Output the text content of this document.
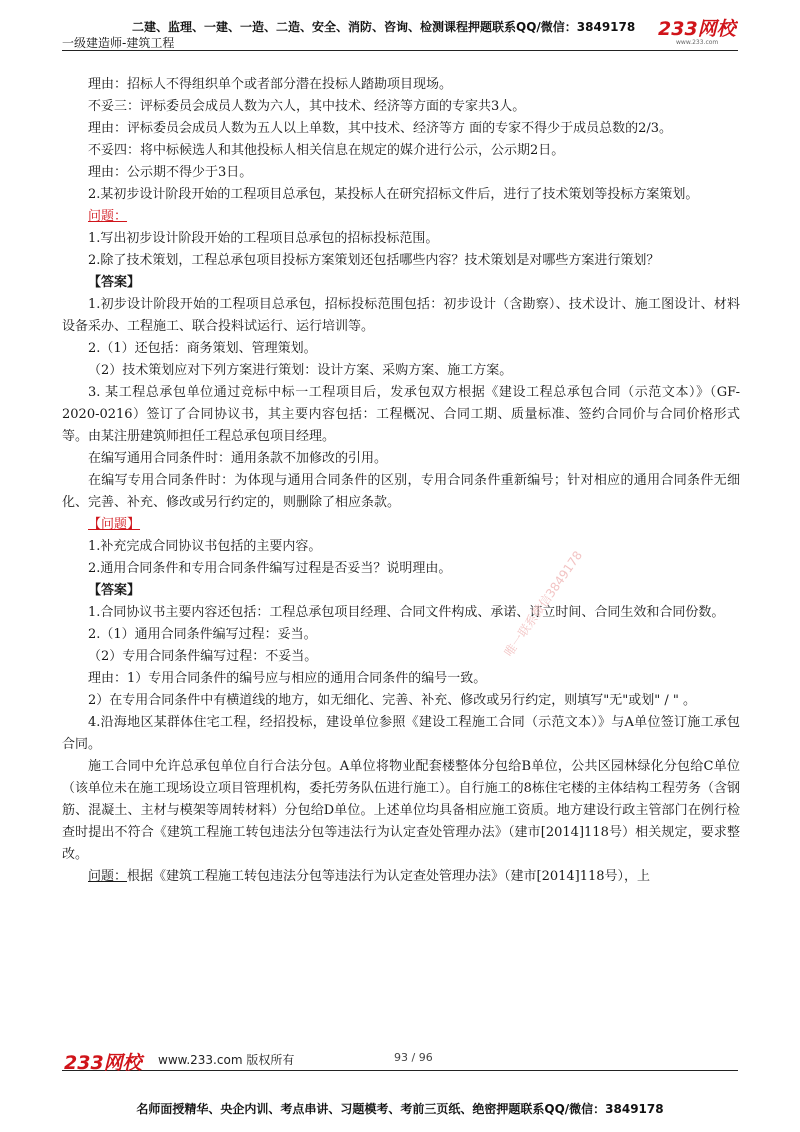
二建、监理、一建、一造、二造、安全、消防、咨询、检测课程押题联系QQ/微信：3849178
一级建造师-建筑工程
233网校
www.233.com

理由：招标人不得组织单个或者部分潜在投标人踏勘项目现场。

不妥三：评标委员会成员人数为六人，其中技术、经济等方面的专家共3人。

理由：评标委员会成员人数为五人以上单数，其中技术、经济等方 面的专家不得少于成员总数的2/3。

不妥四：将中标候选人和其他投标人相关信息在规定的媒介进行公示，公示期2日。

理由：公示期不得少于3日。

2.某初步设计阶段开始的工程项目总承包，某投标人在研究招标文件后，进行了技术策划等投标方案策划。

问题：

1.写出初步设计阶段开始的工程项目总承包的招标投标范围。

2.除了技术策划，工程总承包项目投标方案策划还包括哪些内容？技术策划是对哪些方案进行策划？

【答案】

1.初步设计阶段开始的工程项目总承包，招标投标范围包括：初步设计（含勘察）、技术设计、施工图设计、材料设备采办、工程施工、联合投料试运行、运行培训等。

2.（1）还包括：商务策划、管理策划。

（2）技术策划应对下列方案进行策划：设计方案、采购方案、施工方案。

3. 某工程总承包单位通过竞标中标一工程项目后，发承包双方根据《建设工程总承包合同（示范文本）》（GF-2020-0216）签订了合同协议书，其主要内容包括：工程概况、合同工期、质量标准、签约合同价与合同价格形式等。由某注册建筑师担任工程总承包项目经理。

在编写通用合同条件时：通用条款不加修改的引用。

在编写专用合同条件时：为体现与通用合同条件的区别，专用合同条件重新编号；针对相应的通用合同条件无细化、完善、补充、修改或另行约定的，则删除了相应条款。

【问题】

1.补充完成合同协议书包括的主要内容。

2.通用合同条件和专用合同条件编写过程是否妥当？说明理由。

【答案】

1.合同协议书主要内容还包括：工程总承包项目经理、合同文件构成、承诺、订立时间、合同生效和合同份数。

2.（1）通用合同条件编写过程：妥当。

（2）专用合同条件编写过程：不妥当。

理由：1）专用合同条件的编号应与相应的通用合同条件的编号一致。

2）在专用合同条件中有横道线的地方，如无细化、完善、补充、修改或另行约定，则填写"无"或划" / " 。

4.沿海地区某群体住宅工程，经招投标，建设单位参照《建设工程施工合同（示范文本）》与A单位签订施工承包合同。

施工合同中允许总承包单位自行合法分包。A单位将物业配套楼整体分包给B单位，公共区园林绿化分包给C单位（该单位未在施工现场设立项目管理机构，委托劳务队伍进行施工）。自行施工的8栋住宅楼的主体结构工程劳务（含钢筋、混凝土、主材与模架等周转材料）分包给D单位。上述单位均具备相应施工资质。地方建设行政主管部门在例行检查时提出不符合《建筑工程施工转包违法分包等违法行为认定查处管理办法》（建市[2014]118号）相关规定，要求整改。

问题：根据《建筑工程施工转包违法分包等违法行为认定查处管理办法》（建市[2014]118号），上

唯一联系微信3849178
233网校 www.233.com 版权所有	93 / 96
名师面授精华、央企内训、考点串讲、习题模考、考前三页纸、绝密押题联系QQ/微信：3849178
